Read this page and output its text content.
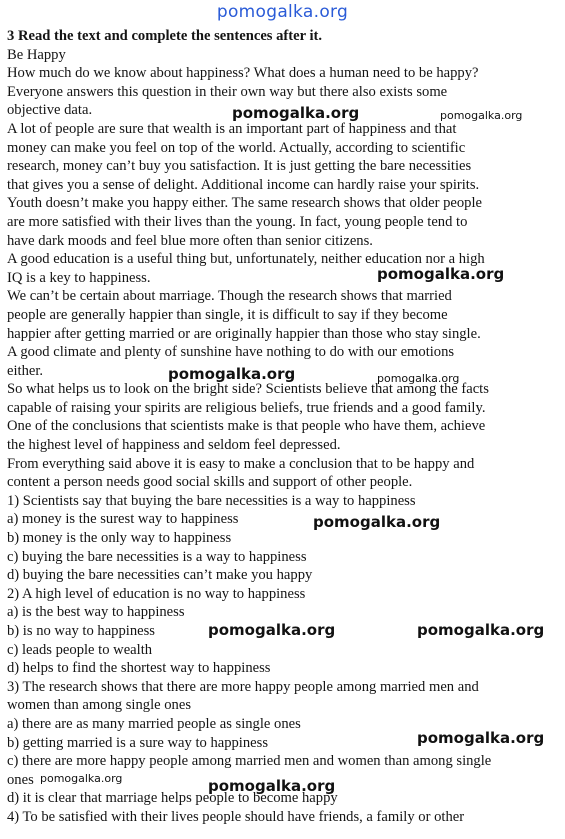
pomogalka.org
3 Read the text and complete the sentences after it.
Be Happy
How much do we know about happiness? What does a human need to be happy?
Everyone answers this question in their own way but there also exists some
objective data.
A lot of people are sure that wealth is an important part of happiness and that
money can make you feel on top of the world. Actually, according to scientific
research, money can’t buy you satisfaction. It is just getting the bare necessities
that gives you a sense of delight. Additional income can hardly raise your spirits.
Youth doesn’t make you happy either. The same research shows that older people
are more satisfied with their lives than the young. In fact, young people tend to
have dark moods and feel blue more often than senior citizens.
A good education is a useful thing but, unfortunately, neither education nor a high
IQ is a key to happiness.
We can’t be certain about marriage. Though the research shows that married
people are generally happier than single, it is difficult to say if they become
happier after getting married or are originally happier than those who stay single.
A good climate and plenty of sunshine have nothing to do with our emotions
either.
So what helps us to look on the bright side? Scientists believe that among the facts
capable of raising your spirits are religious beliefs, true friends and a good family.
One of the conclusions that scientists make is that people who have them, achieve
the highest level of happiness and seldom feel depressed.
From everything said above it is easy to make a conclusion that to be happy and
content a person needs good social skills and support of other people.
1) Scientists say that buying the bare necessities is a way to happiness
a) money is the surest way to happiness
b) money is the only way to happiness
c) buying the bare necessities is a way to happiness
d) buying the bare necessities can’t make you happy
2) A high level of education is no way to happiness
a) is the best way to happiness
b) is no way to happiness
c) leads people to wealth
d) helps to find the shortest way to happiness
3) The research shows that there are more happy people among married men and
women than among single ones
a) there are as many married people as single ones
b) getting married is a sure way to happiness
c) there are more happy people among married men and women than among single
ones
d) it is clear that marriage helps people to become happy
4) To be satisfied with their lives people should have friends, a family or other
pomogalka.org	pomogalka.org
pomogalka.org
pomogalka.org	pomogalka.org
pomogalka.org
pomogalka.org	pomogalka.org
pomogalka.org
pomogalka.org	pomogalka.org
